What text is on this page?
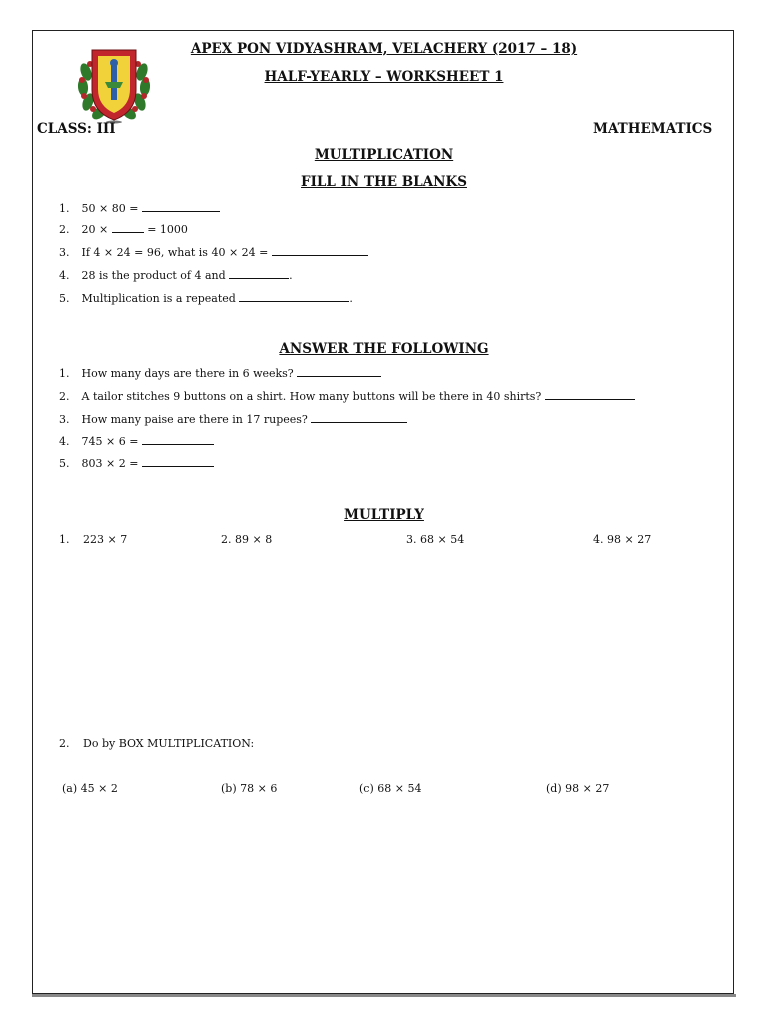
APEX PON VIDYASHRAM, VELACHERY (2017 – 18)
HALF-YEARLY – WORKSHEET 1
CLASS: III	MATHEMATICS
MULTIPLICATION
FILL IN THE BLANKS
1. 50 × 80 =
2. 20 ×	= 1000
3. If 4 × 24 = 96, what is 40 × 24 =
4. 28 is the product of 4 and	.
5. Multiplication is a repeated	.
ANSWER THE FOLLOWING
1. How many days are there in 6 weeks?
2. A tailor stitches 9 buttons on a shirt. How many buttons will be there in 40 shirts?
3. How many paise are there in 17 rupees?
4. 745 × 6 =
5. 803 × 2 =
MULTIPLY
1. 223 × 7	2. 89 × 8	3. 68 × 54	4. 98 × 27
2. Do by BOX MULTIPLICATION:
(a) 45 × 2	(b) 78 × 6	(c) 68 × 54	(d) 98 × 27
